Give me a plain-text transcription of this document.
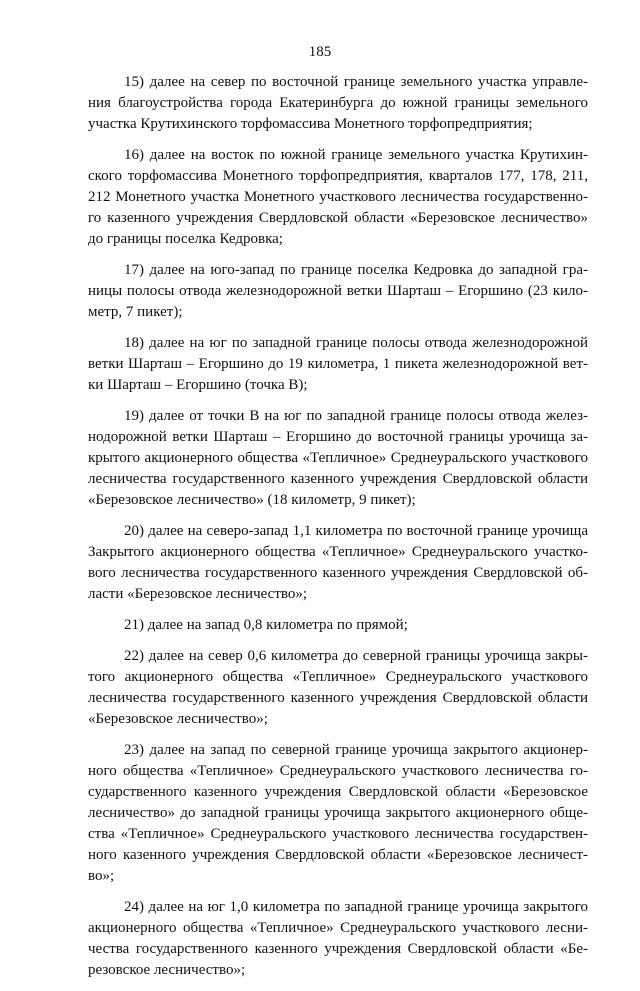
185
15) далее на север по восточной границе земельного участка управле-
ния благоустройства города Екатеринбурга до южной границы земельного
участка Крутихинского торфомассива Монетного торфопредприятия;
16) далее на восток по южной границе земельного участка Крутихин-
ского торфомассива Монетного торфопредприятия, кварталов 177, 178, 211,
212 Монетного участка Монетного участкового лесничества государственно-
го казенного учреждения Свердловской области «Березовское лесничество»
до границы поселка Кедровка;
17) далее на юго-запад по границе поселка Кедровка до западной гра-
ницы полосы отвода железнодорожной ветки Шарташ – Егоршино (23 кило-
метр, 7 пикет);
18) далее на юг по западной границе полосы отвода железнодорожной
ветки Шарташ – Егоршино до 19 километра, 1 пикета железнодорожной вет-
ки Шарташ – Егоршино (точка В);
19) далее от точки В на юг по западной границе полосы отвода желез-
нодорожной ветки Шарташ – Егоршино до восточной границы урочища за-
крытого акционерного общества «Тепличное» Среднеуральского участкового
лесничества государственного казенного учреждения Свердловской области
«Березовское лесничество» (18 километр, 9 пикет);
20) далее на северо-запад 1,1 километра по восточной границе урочища
Закрытого акционерного общества «Тепличное» Среднеуральского участко-
вого лесничества государственного казенного учреждения Свердловской об-
ласти «Березовское лесничество»;
21) далее на запад 0,8 километра по прямой;
22) далее на север 0,6 километра до северной границы урочища закры-
того акционерного общества «Тепличное» Среднеуральского участкового
лесничества государственного казенного учреждения Свердловской области
«Березовское лесничество»;
23) далее на запад по северной границе урочища закрытого акционер-
ного общества «Тепличное» Среднеуральского участкового лесничества го-
сударственного казенного учреждения Свердловской области «Березовское
лесничество» до западной границы урочища закрытого акционерного обще-
ства «Тепличное» Среднеуральского участкового лесничества государствен-
ного казенного учреждения Свердловской области «Березовское лесничест-
во»;
24) далее на юг 1,0 километра по западной границе урочища закрытого
акционерного общества «Тепличное» Среднеуральского участкового лесни-
чества государственного казенного учреждения Свердловской области «Бе-
резовское лесничество»;
